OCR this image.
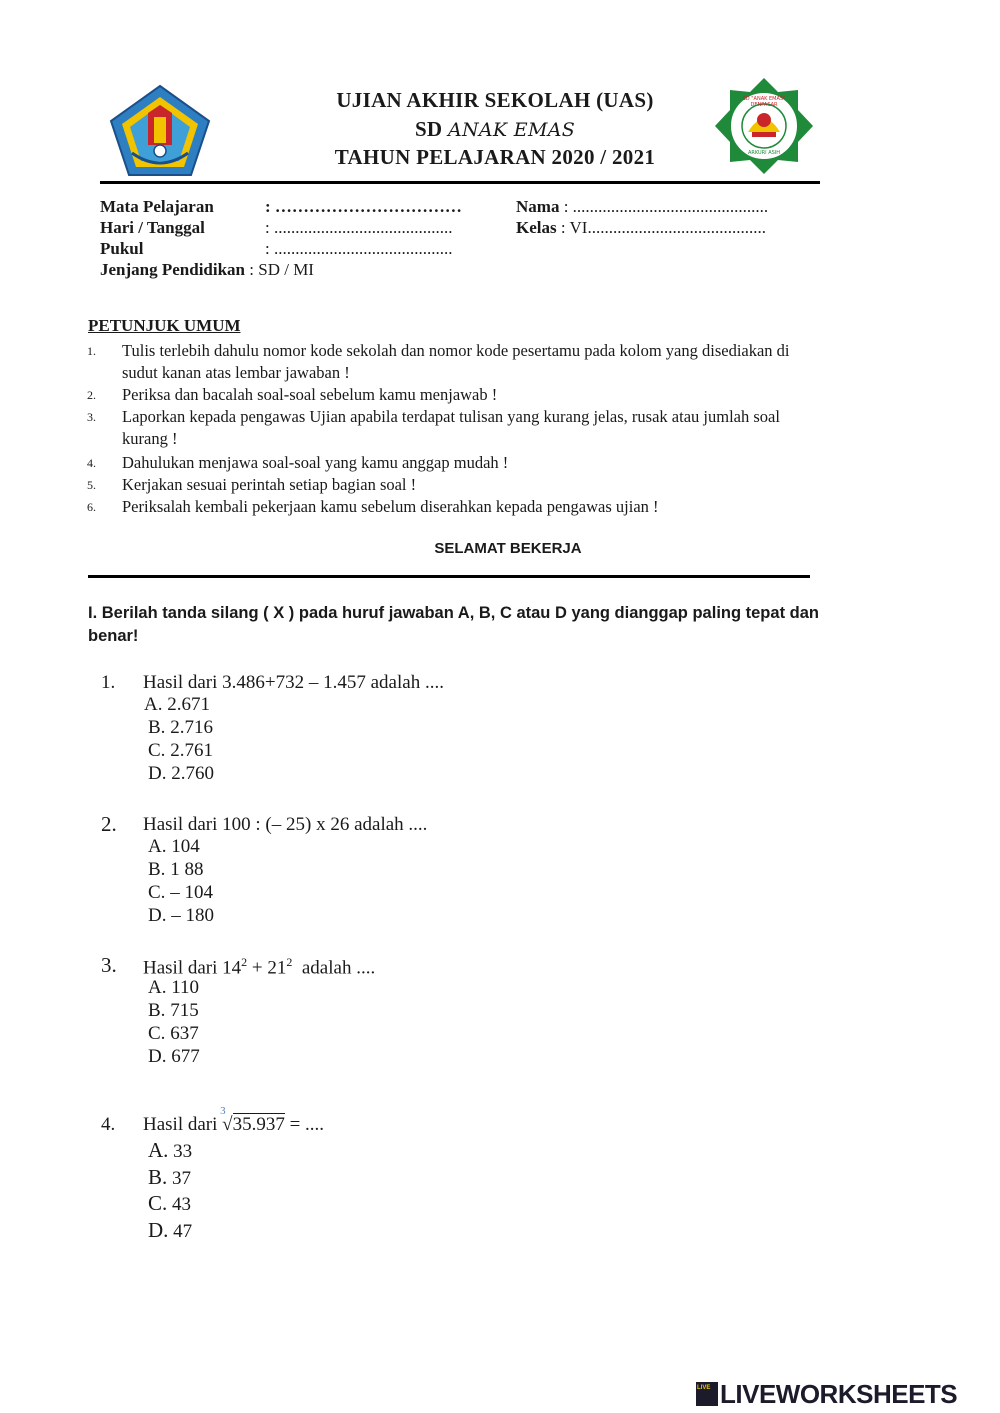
UJIAN AKHIR SEKOLAH (UAS)
SD ANAK EMAS
TAHUN PELAJARAN 2020 / 2021
SD "ANAK EMAS" DENPASAR
ARKURI ASIH
Mata Pelajaran	: ……………………………
Hari / Tanggal	: ..........................................
Pukul	: ..........................................
Jenjang Pendidikan : SD / MI
Nama : ..............................................
Kelas : VI..........................................
PETUNJUK UMUM
1. Tulis terlebih dahulu nomor kode sekolah dan nomor kode pesertamu pada kolom yang disediakan di
sudut kanan atas lembar jawaban !
2. Periksa dan bacalah soal-soal sebelum kamu menjawab !
3. Laporkan kepada pengawas Ujian apabila terdapat tulisan yang kurang jelas, rusak atau jumlah soal
kurang !
4. Dahulukan menjawa soal-soal yang kamu anggap mudah !
5. Kerjakan sesuai perintah setiap bagian soal !
6. Periksalah kembali pekerjaan kamu sebelum diserahkan kepada pengawas ujian !
SELAMAT BEKERJA
I. Berilah tanda silang ( X ) pada huruf jawaban A, B, C atau D yang dianggap paling tepat dan
benar!
1. Hasil dari 3.486+732 – 1.457 adalah ....
A. 2.671
B. 2.716
C. 2.761
D. 2.760
2. Hasil dari 100 : (– 25) x 26 adalah ....
A. 104
B. 1 88
C. – 104
D. – 180
3. Hasil dari $14^2 + 21^2$  adalah ....
A. 110
B. 715
C. 637
D. 677
4. Hasil dari
3
√35.937 = ....
A. 33
B. 37
C. 43
D. 47
LIVE LIVEWORKSHEETS
